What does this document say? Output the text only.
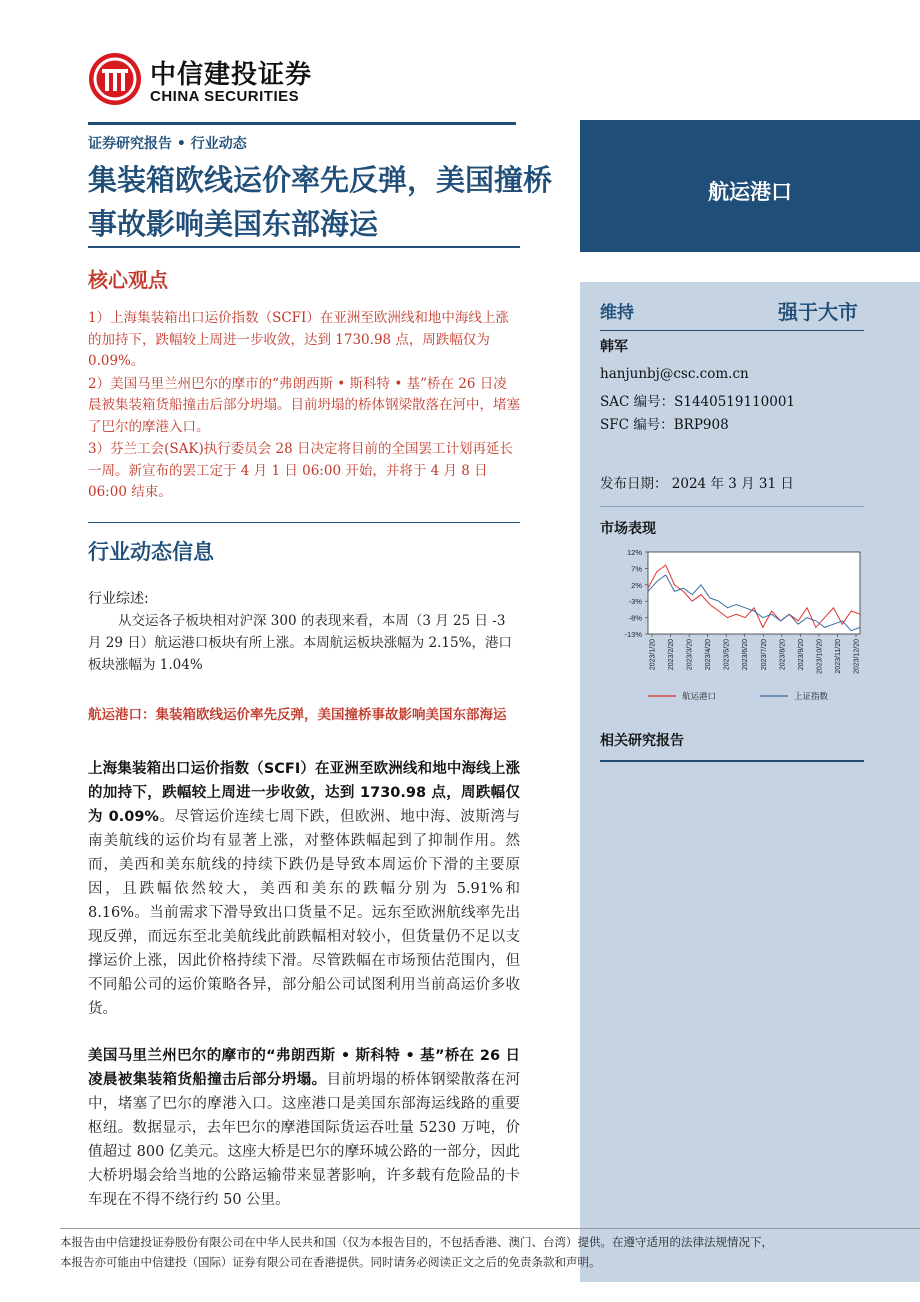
中信建投证券
CHINA SECURITIES
证券研究报告 • 行业动态
集装箱欧线运价率先反弹，美国撞桥事故影响美国东部海运
核心观点

1）上海集装箱出口运价指数（SCFI）在亚洲至欧洲线和地中海线上涨的加持下，跌幅较上周进一步收敛，达到 1730.98 点，周跌幅仅为 0.09%。

2）美国马里兰州巴尔的摩市的“弗朗西斯 • 斯科特 • 基”桥在 26 日凌晨被集装箱货船撞击后部分坍塌。目前坍塌的桥体钢梁散落在河中，堵塞了巴尔的摩港入口。

3）芬兰工会(SAK)执行委员会 28 日决定将目前的全国罢工计划再延长一周。新宣布的罢工定于 4 月 1 日 06:00 开始，并将于 4 月 8 日 06:00 结束。

行业动态信息
行业综述:
从交运各子板块相对沪深 300 的表现来看，本周（3 月 25 日 -3 月 29 日）航运港口板块有所上涨。本周航运板块涨幅为 2.15%，港口板块涨幅为 1.04%
航运港口：集装箱欧线运价率先反弹，美国撞桥事故影响美国东部海运
上海集装箱出口运价指数（SCFI）在亚洲至欧洲线和地中海线上涨的加持下，跌幅较上周进一步收敛，达到 1730.98 点，周跌幅仅为 0.09%。尽管运价连续七周下跌，但欧洲、地中海、波斯湾与南美航线的运价均有显著上涨，对整体跌幅起到了抑制作用。然而，美西和美东航线的持续下跌仍是导致本周运价下滑的主要原因，且跌幅依然较大，美西和美东的跌幅分别为 5.91%和 8.16%。当前需求下滑导致出口货量不足。远东至欧洲航线率先出现反弹，而远东至北美航线此前跌幅相对较小，但货量仍不足以支撑运价上涨，因此价格持续下滑。尽管跌幅在市场预估范围内，但不同船公司的运价策略各异，部分船公司试图利用当前高运价多收货。
美国马里兰州巴尔的摩市的“弗朗西斯 • 斯科特 • 基”桥在 26 日凌晨被集装箱货船撞击后部分坍塌。目前坍塌的桥体钢梁散落在河中，堵塞了巴尔的摩港入口。这座港口是美国东部海运线路的重要枢纽。数据显示，去年巴尔的摩港国际货运吞吐量 5230 万吨，价值超过 800 亿美元。这座大桥是巴尔的摩环城公路的一部分，因此大桥坍塌会给当地的公路运输带来显著影响，许多载有危险品的卡车现在不得不绕行约 50 公里。
航运港口
维持	强于大市
韩军
hanjunbj@csc.com.cn
SAC 编号：S1440519110001
SFC 编号：BRP908
发布日期： 2024 年 3 月 31 日
市场表现
12%
7%
2%
-3%
-8%
-13%
2023/1/20 2023/2/20 2023/3/20 2023/4/20 2023/5/20 2023/6/20 2023/7/20 2023/8/20 2023/9/20 2023/10/20 2023/11/20 2023/12/20
航运港口	上证指数
相关研究报告
本报告由中信建投证券股份有限公司在中华人民共和国（仅为本报告目的，不包括香港、澳门、台湾）提供。在遵守适用的法律法规情况下，
本报告亦可能由中信建投（国际）证券有限公司在香港提供。同时请务必阅读正文之后的免责条款和声明。
